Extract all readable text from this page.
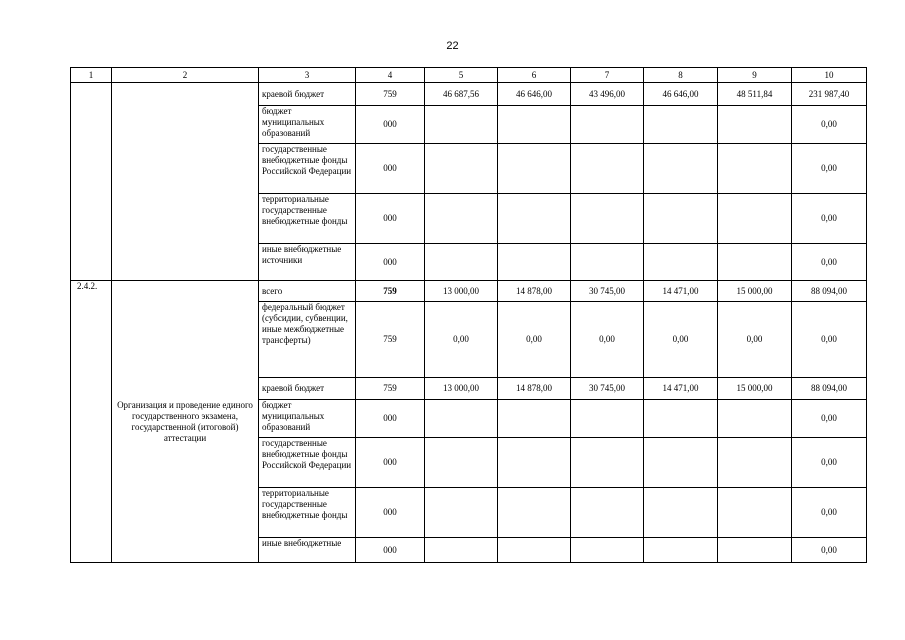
22
1	2	3	4	5	6	7	8	9	10
		краевой бюджет	759	46 687,56	46 646,00	43 496,00	46 646,00	48 511,84	231 987,40
		бюджет муниципальных образований	000						0,00
		государственные внебюджетные фонды Российской Федерации	000						0,00
		территориальные государственные внебюджетные фонды	000						0,00
		иные внебюджетные источники	000						0,00
2.4.2.	Организация и проведение единого государственного экзамена, государственной (итоговой) аттестации	всего	759	13 000,00	14 878,00	30 745,00	14 471,00	15 000,00	88 094,00
		федеральный бюджет (субсидии, субвенции, иные межбюджетные трансферты)	759	0,00	0,00	0,00	0,00	0,00	0,00
		краевой бюджет	759	13 000,00	14 878,00	30 745,00	14 471,00	15 000,00	88 094,00
		бюджет муниципальных образований	000						0,00
		государственные внебюджетные фонды Российской Федерации	000						0,00
		территориальные государственные внебюджетные фонды	000						0,00
		иные внебюджетные	000						0,00
